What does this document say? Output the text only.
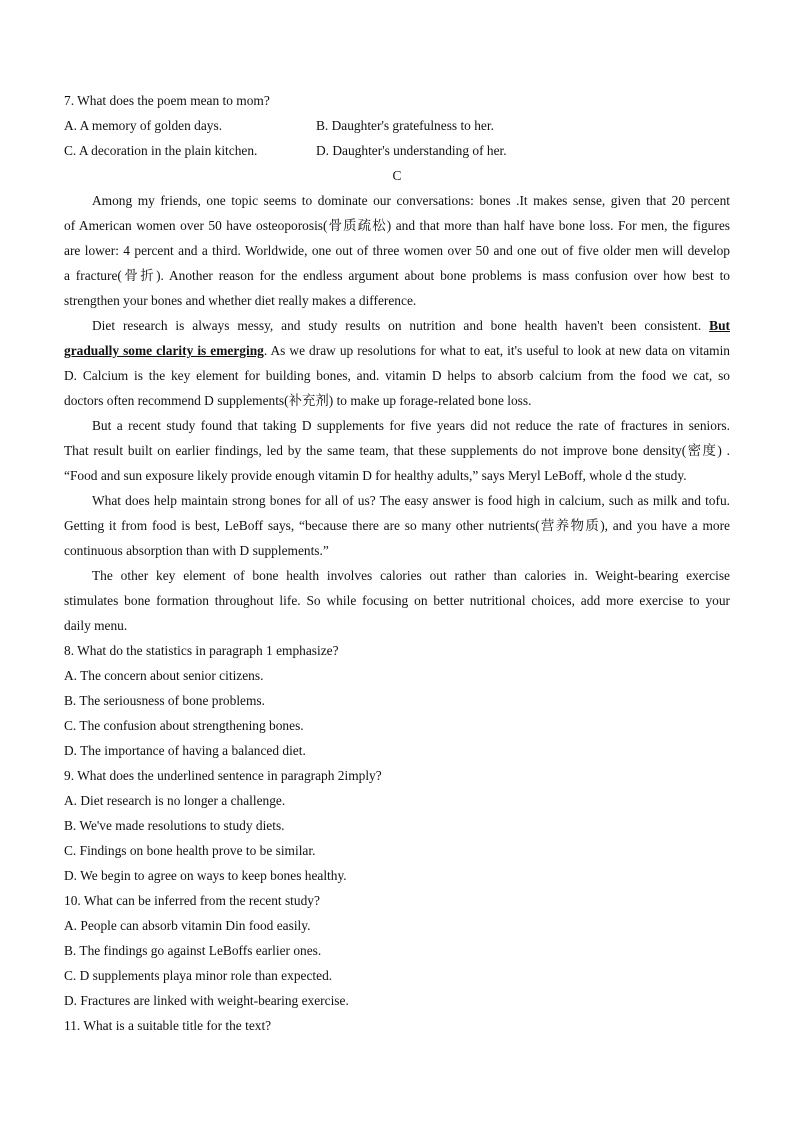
7. What does the poem mean to mom?
A. A memory of golden days.	B. Daughter's gratefulness to her.
C. A decoration in the plain kitchen.	D. Daughter's understanding of her.
C
Among my friends, one topic seems to dominate our conversations: bones .It makes sense, given that 20 percent
of American women over 50 have osteoporosis(骨质疏松) and that more than half have bone loss. For men, the figures
are lower: 4 percent and a third. Worldwide, one out of three women over 50 and one out of five older men will develop
a fracture(骨折). Another reason for the endless argument about bone problems is mass confusion over how best to
strengthen your bones and whether diet really makes a difference.
Diet research is always messy, and study results on nutrition and bone health haven't been consistent. But
gradually some clarity is emerging. As we draw up resolutions for what to eat, it's useful to look at new data on vitamin
D. Calcium is the key element for building bones, and. vitamin D helps to absorb calcium from the food we cat, so
doctors often recommend D supplements(补充剂) to make up forage-related bone loss.
But a recent study found that taking D supplements for five years did not reduce the rate of fractures in seniors.
That result built on earlier findings, led by the same team, that these supplements do not improve bone density(密度) .
“Food and sun exposure likely provide enough vitamin D for healthy adults,” says Meryl LeBoff, whole d the study.
What does help maintain strong bones for all of us? The easy answer is food high in calcium, such as milk and tofu.
Getting it from food is best, LeBoff says, “because there are so many other nutrients(营养物质), and you have a more
continuous absorption than with D supplements.”
The other key element of bone health involves calories out rather than calories in. Weight-bearing exercise
stimulates bone formation throughout life. So while focusing on better nutritional choices, add more exercise to your
daily menu.
8. What do the statistics in paragraph 1 emphasize?
A. The concern about senior citizens.
B. The seriousness of bone problems.
C. The confusion about strengthening bones.
D. The importance of having a balanced diet.
9. What does the underlined sentence in paragraph 2imply?
A. Diet research is no longer a challenge.
B. We've made resolutions to study diets.
C. Findings on bone health prove to be similar.
D. We begin to agree on ways to keep bones healthy.
10. What can be inferred from the recent study?
A. People can absorb vitamin Din food easily.
B. The findings go against LeBoffs earlier ones.
C. D supplements playa minor role than expected.
D. Fractures are linked with weight-bearing exercise.
11. What is a suitable title for the text?
